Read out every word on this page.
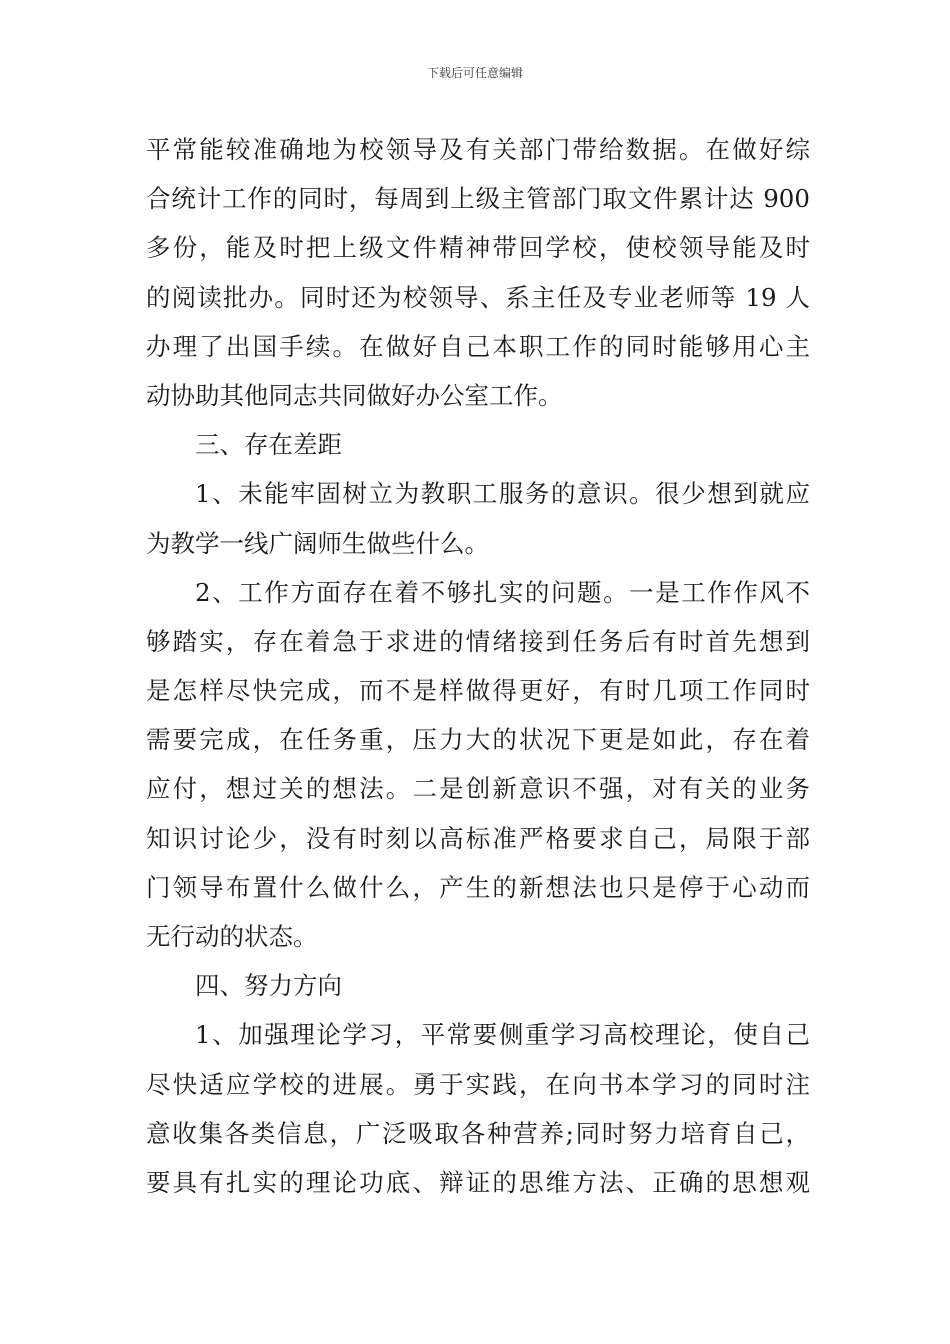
下载后可任意编辑
平常能较准确地为校领导及有关部门带给数据。在做好综
合统计工作的同时，每周到上级主管部门取文件累计达 900
多份，能及时把上级文件精神带回学校，使校领导能及时
的阅读批办。同时还为校领导、系主任及专业老师等 19 人
办理了出国手续。在做好自己本职工作的同时能够用心主
动协助其他同志共同做好办公室工作。
三、存在差距
1、未能牢固树立为教职工服务的意识。很少想到就应
为教学一线广阔师生做些什么。
2、工作方面存在着不够扎实的问题。一是工作作风不
够踏实，存在着急于求进的情绪接到任务后有时首先想到
是怎样尽快完成，而不是样做得更好，有时几项工作同时
需要完成，在任务重，压力大的状况下更是如此，存在着
应付，想过关的想法。二是创新意识不强，对有关的业务
知识讨论少，没有时刻以高标准严格要求自己，局限于部
门领导布置什么做什么，产生的新想法也只是停于心动而
无行动的状态。
四、努力方向
1、加强理论学习，平常要侧重学习高校理论，使自己
尽快适应学校的进展。勇于实践，在向书本学习的同时注
意收集各类信息，广泛吸取各种营养;同时努力培育自己，
要具有扎实的理论功底、辩证的思维方法、正确的思想观
